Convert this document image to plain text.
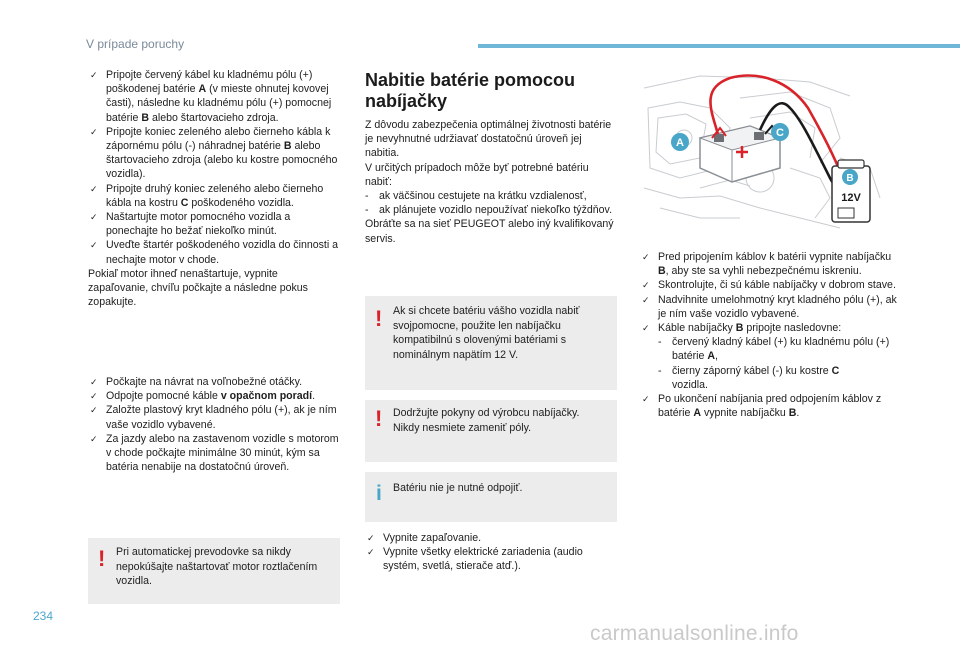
V prípade poruchy

✓ Pripojte červený kábel ku kladnému pólu (+) poškodenej batérie A (v mieste ohnutej kovovej časti), následne ku kladnému pólu (+) pomocnej batérie B alebo štartovacieho zdroja.

✓ Pripojte koniec zeleného alebo čierneho kábla k zápornému pólu (-) náhradnej batérie B alebo štartovacieho zdroja (alebo ku kostre pomocného vozidla).

✓ Pripojte druhý koniec zeleného alebo čierneho kábla na kostru C poškodeného vozidla.

✓ Naštartujte motor pomocného vozidla a ponechajte ho bežať niekoľko minút.

✓ Uveďte štartér poškodeného vozidla do činnosti a nechajte motor v chode.

Pokiaľ motor ihneď nenaštartuje, vypnite zapaľovanie, chvíľu počkajte a následne pokus zopakujte.

✓ Počkajte na návrat na voľnobežné otáčky.

✓ Odpojte pomocné káble v opačnom poradí.

✓ Založte plastový kryt kladného pólu (+), ak je ním vaše vozidlo vybavené.

✓ Za jazdy alebo na zastavenom vozidle s motorom v chode počkajte minimálne 30 minút, kým sa batéria nenabije na dostatočnú úroveň.

! Pri automatickej prevodovke sa nikdy nepokúšajte naštartovať motor roztlačením vozidla.
Nabitie batérie pomocou nabíjačky

Z dôvodu zabezpečenia optimálnej životnosti batérie je nevyhnutné udržiavať dostatočnú úroveň jej nabitia.

V určitých prípadoch môže byť potrebné batériu nabiť:

- ak väčšinou cestujete na krátku vzdialenosť,

- ak plánujete vozidlo nepoužívať niekoľko týždňov.

Obráťte sa na sieť PEUGEOT alebo iný kvalifikovaný servis.

! Ak si chcete batériu vášho vozidla nabiť svojpomocne, použite len nabíjačku kompatibilnú s olovenými batériami s nominálnym napätím 12 V.
! Dodržujte pokyny od výrobcu nabíjačky. Nikdy nesmiete zameniť póly.
i Batériu nie je nutné odpojiť.

✓ Vypnite zapaľovanie.

✓ Vypnite všetky elektrické zariadenia (audio systém, svetlá, stierače atď.).

12V
A
B
C

✓ Pred pripojením káblov k batérii vypnite nabíjačku B, aby ste sa vyhli nebezpečnému iskreniu.

✓ Skontrolujte, či sú káble nabíjačky v dobrom stave.

✓ Nadvihnite umelohmotný kryt kladného pólu (+), ak je ním vaše vozidlo vybavené.

✓ Káble nabíjačky B pripojte nasledovne:

- červený kladný kábel (+) ku kladnému pólu (+) batérie A,

- čierny záporný kábel (-) ku kostre C
vozidla.

✓ Po ukončení nabíjania pred odpojením káblov z batérie A vypnite nabíjačku B.

234
carmanualsonline.info
